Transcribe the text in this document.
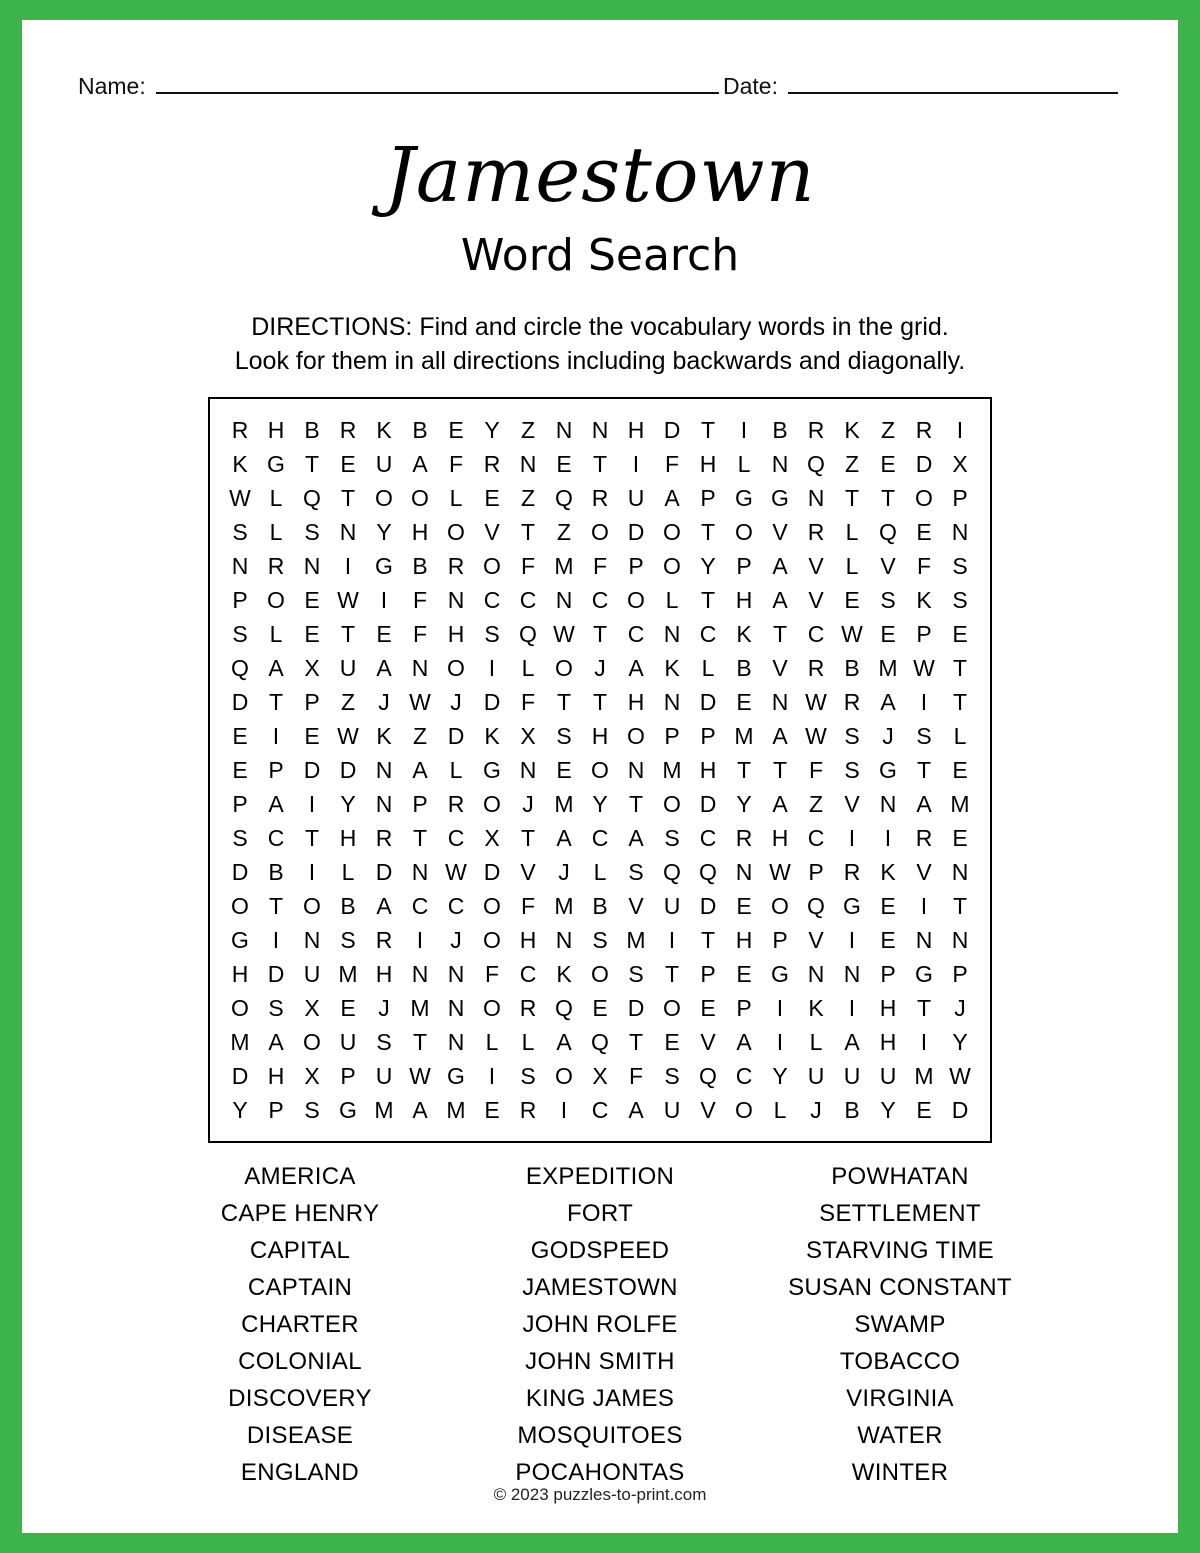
Name:	Date:
Jamestown
Word Search
DIRECTIONS: Find and circle the vocabulary words in the grid.
Look for them in all directions including backwards and diagonally.
R H B R K B E Y Z N N H D T	I	B R K Z R	I
K G T E U A F R N E T	I	F H L N Q Z E D X
W L Q T O O L E Z Q R U A P G G N T T O P
S L S N Y H O V T Z O D O T O V R L Q E N
N R N	I	G B R O F M F P O Y P A V L V F S
P O E W I	F N C C N C O L T H A V E S K S
S L E T E F H S Q W T C N C K T C W E P E
Q A X U A N O	I	L O J A K L B V R B M W T
D T P Z	J W J D F T T H N D E N W R A	I	T
E	I	E W K Z D K X S H O P P M A W S J S L
E P D D N A L G N E O N M H T T F S G T E
P A	I	Y N P R O J M Y T O D Y A Z V N A M
S C T H R T C X T A C A S C R H C	I	I	R E
D B	I	L D N W D V J	L S Q Q N W P R K V N
O T O B A C C O F M B V U D E O Q G E	I	T
G	I	N S R	I	J O H N S M	I	T H P V	I	E N N
H D U M H N N F C K O S T P E G N N P G P
O S X E J M N O R Q E D O E P	I	K	I	H T	J
M A O U S T N L	L A Q T E V A	I	L A H	I	Y
D H X P U W G	I	S O X F S Q C Y U U U M W
Y P S G M A M E R	I	C A U V O L	J B Y E D
AMERICA
CAPE HENRY
CAPITAL
CAPTAIN
CHARTER
COLONIAL
DISCOVERY
DISEASE
ENGLAND
EXPEDITION
FORT
GODSPEED
JAMESTOWN
JOHN ROLFE
JOHN SMITH
KING JAMES
MOSQUITOES
POCAHONTAS
POWHATAN
SETTLEMENT
STARVING TIME
SUSAN CONSTANT
SWAMP
TOBACCO
VIRGINIA
WATER
WINTER
© 2023 puzzles-to-print.com
